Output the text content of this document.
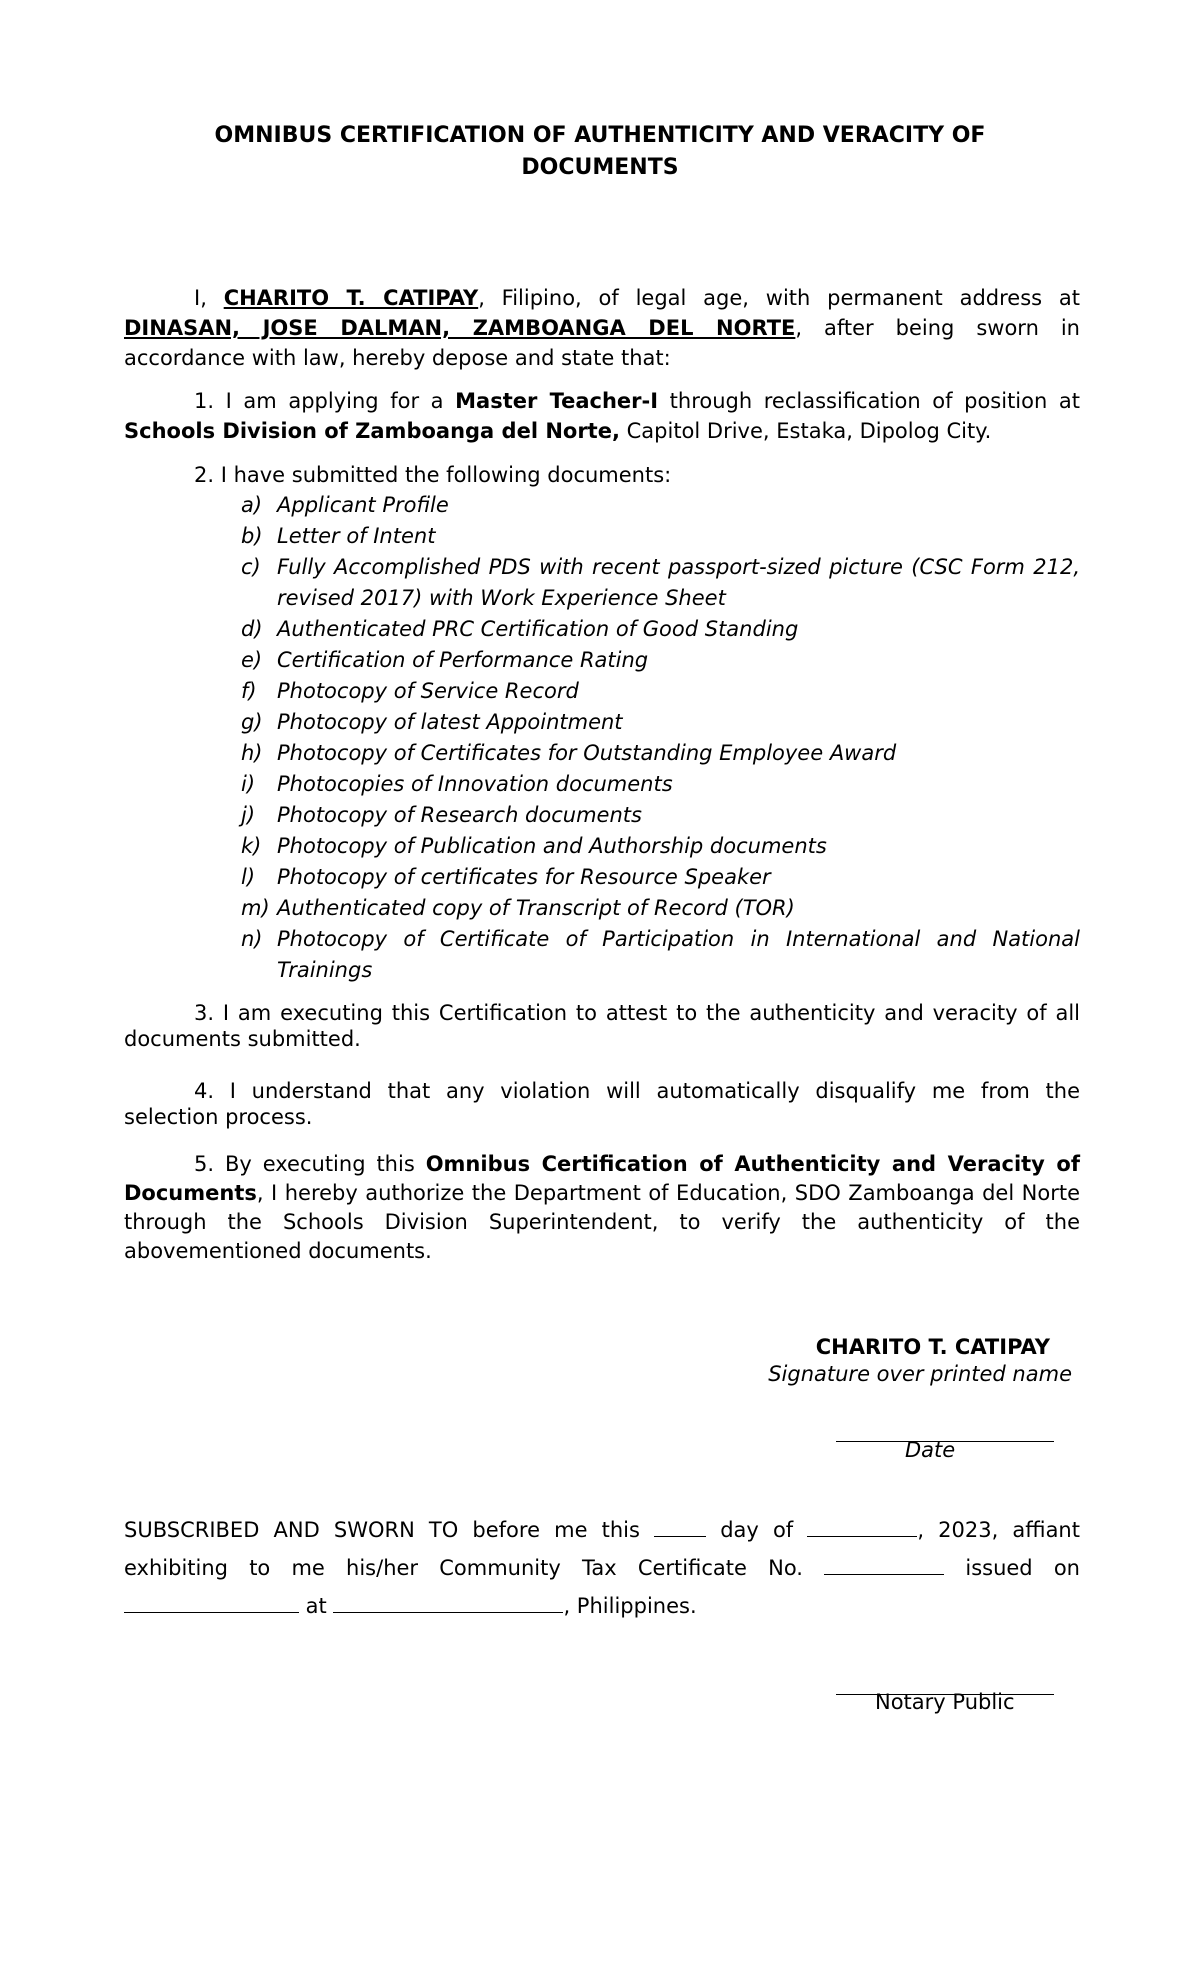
OMNIBUS CERTIFICATION OF AUTHENTICITY AND VERACITY OF DOCUMENTS
I, CHARITO T. CATIPAY, Filipino, of legal age, with permanent address at
DINASAN, JOSE DALMAN, ZAMBOANGA DEL NORTE, after being sworn in
accordance with law, hereby depose and state that:
1. I am applying for a Master Teacher-I through reclassification of position at
Schools Division of Zamboanga del Norte, Capitol Drive, Estaka, Dipolog City.
2. I have submitted the following documents:
a) Applicant Profile
b) Letter of Intent
c) Fully Accomplished PDS with recent passport-sized picture (CSC Form 212, revised 2017) with Work Experience Sheet
d) Authenticated PRC Certification of Good Standing
e) Certification of Performance Rating
f) Photocopy of Service Record
g) Photocopy of latest Appointment
h) Photocopy of Certificates for Outstanding Employee Award
i)	Photocopies of Innovation documents
j)	Photocopy of Research documents
k) Photocopy of Publication and Authorship documents
l)	Photocopy of certificates for Resource Speaker
m) Authenticated copy of Transcript of Record (TOR)
n) Photocopy of Certificate of Participation in International and National Trainings
3. I am executing this Certification to attest to the authenticity and veracity of all documents submitted.
4. I understand that any violation will automatically disqualify me from the selection process.
5. By executing this Omnibus Certification of Authenticity and Veracity of Documents, I hereby authorize the Department of Education, SDO Zamboanga del Norte through the Schools Division Superintendent, to verify the authenticity of the abovementioned documents.
CHARITO T. CATIPAY
Signature over printed name
Date
SUBSCRIBED AND SWORN TO before me this  day of	, 2023, affiant exhibiting to me his/her Community Tax Certificate No.	issued on  at	, Philippines.
Notary Public
